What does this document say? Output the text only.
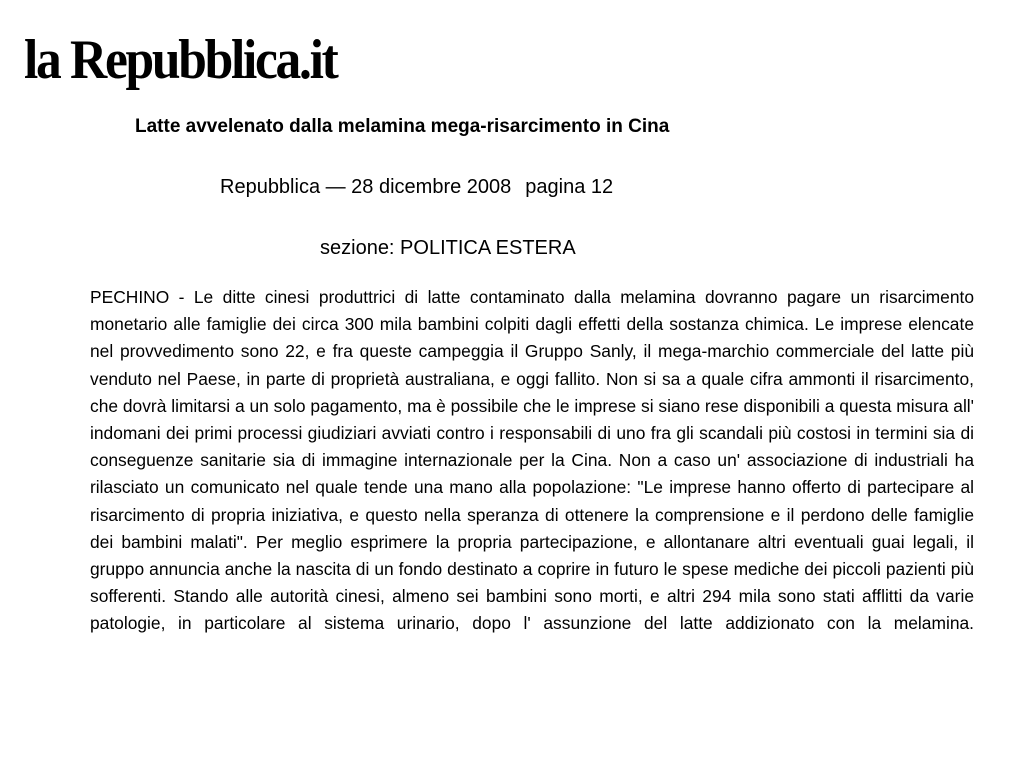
la Repubblica.it
Latte avvelenato dalla melamina mega-risarcimento in Cina
Repubblica — 28 dicembre 2008 pagina 12
sezione: POLITICA ESTERA

PECHINO - Le ditte cinesi produttrici di latte contaminato dalla melamina dovranno pagare un risarcimento monetario alle famiglie dei circa 300 mila bambini colpiti dagli effetti della sostanza chimica. Le imprese elencate nel provvedimento sono 22, e fra queste campeggia il Gruppo Sanly, il mega-marchio commerciale del latte più venduto nel Paese, in parte di proprietà australiana, e oggi fallito. Non si sa a quale cifra ammonti il risarcimento, che dovrà limitarsi a un solo pagamento, ma è possibile che le imprese si siano rese disponibili a questa misura all' indomani dei primi processi giudiziari avviati contro i responsabili di uno fra gli scandali più costosi in termini sia di conseguenze sanitarie sia di immagine internazionale per la Cina. Non a caso un' associazione di industriali ha rilasciato un comunicato nel quale tende una mano alla popolazione: "Le imprese hanno offerto di partecipare al risarcimento di propria iniziativa, e questo nella speranza di ottenere la comprensione e il perdono delle famiglie dei bambini malati". Per meglio esprimere la propria partecipazione, e allontanare altri eventuali guai legali, il gruppo annuncia anche la nascita di un fondo destinato a coprire in futuro le spese mediche dei piccoli pazienti più sofferenti. Stando alle autorità cinesi, almeno sei bambini sono morti, e altri 294 mila sono stati afflitti da varie patologie, in particolare al sistema urinario, dopo l' assunzione del latte addizionato con la melamina.
